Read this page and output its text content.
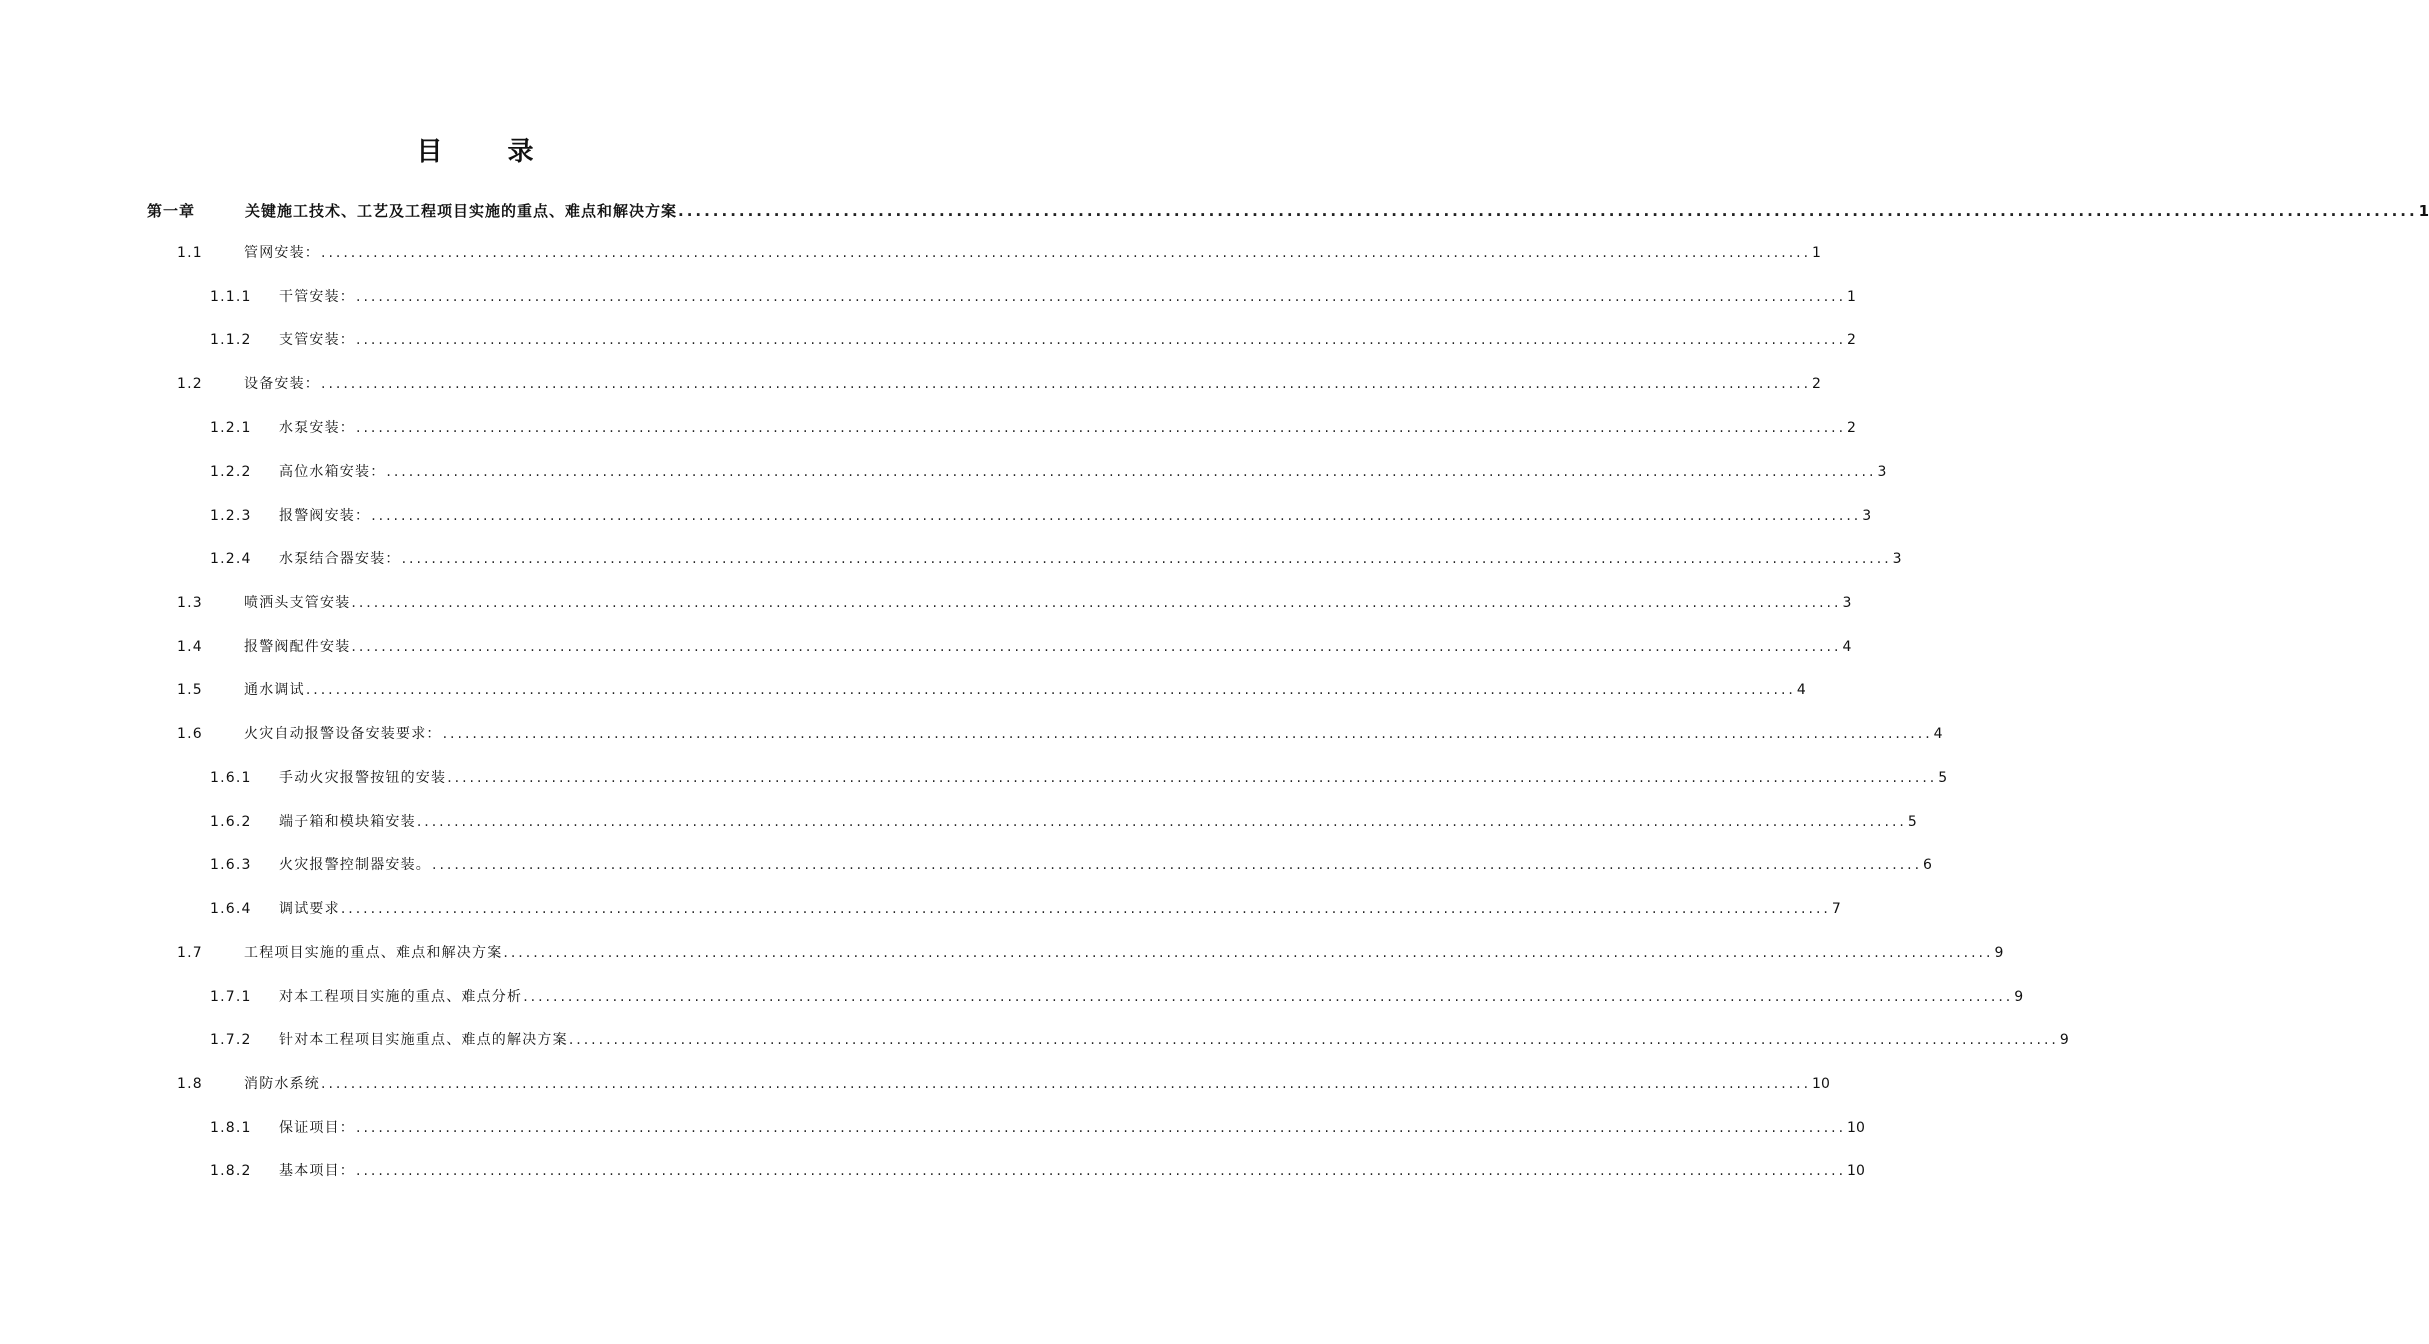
目 录
第一章	关键施工技术、工艺及工程项目实施的重点、难点和解决方案 ........................................................................................................................................................................................................ 1
1.1	管网安装： ........................................................................................................................................................................................................ 1
1.1.1	干管安装： ........................................................................................................................................................................................................ 1
1.1.2	支管安装： ........................................................................................................................................................................................................ 2
1.2	设备安装： ........................................................................................................................................................................................................ 2
1.2.1	水泵安装： ........................................................................................................................................................................................................ 2
1.2.2	高位水箱安装： ........................................................................................................................................................................................................ 3
1.2.3	报警阀安装： ........................................................................................................................................................................................................ 3
1.2.4	水泵结合器安装： ........................................................................................................................................................................................................ 3
1.3	喷洒头支管安装 ........................................................................................................................................................................................................ 3
1.4	报警阀配件安装 ........................................................................................................................................................................................................ 4
1.5	通水调试 ........................................................................................................................................................................................................ 4
1.6	火灾自动报警设备安装要求： ........................................................................................................................................................................................................ 4
1.6.1	手动火灾报警按钮的安装 ........................................................................................................................................................................................................ 5
1.6.2	端子箱和模块箱安装 ........................................................................................................................................................................................................ 5
1.6.3	火灾报警控制器安装。 ........................................................................................................................................................................................................ 6
1.6.4	调试要求 ........................................................................................................................................................................................................ 7
1.7	工程项目实施的重点、难点和解决方案 ........................................................................................................................................................................................................ 9
1.7.1	对本工程项目实施的重点、难点分析 ........................................................................................................................................................................................................ 9
1.7.2	针对本工程项目实施重点、难点的解决方案 ........................................................................................................................................................................................................ 9
1.8	消防水系统 ........................................................................................................................................................................................................ 10
1.8.1	保证项目： ........................................................................................................................................................................................................ 10
1.8.2	基本项目： ........................................................................................................................................................................................................ 10
